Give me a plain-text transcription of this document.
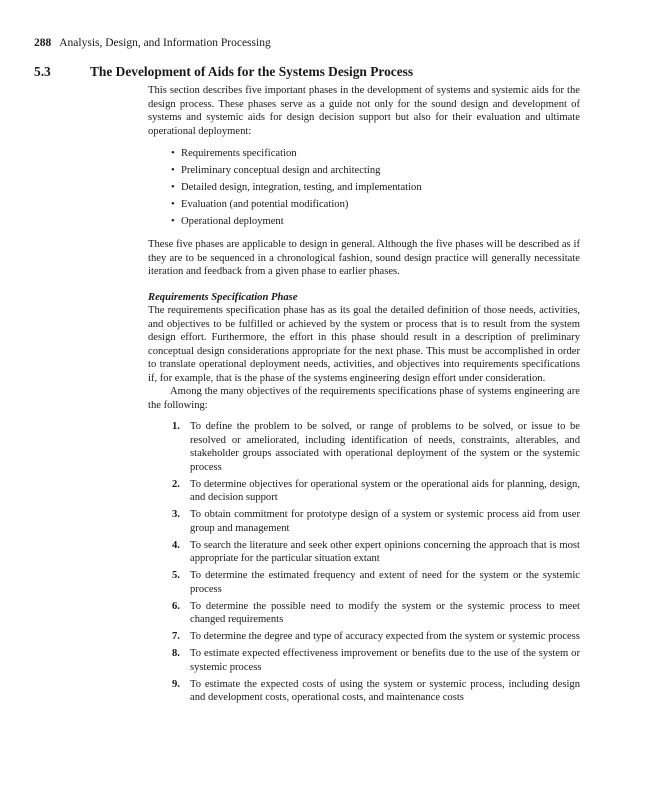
288 Analysis, Design, and Information Processing
5.3	The Development of Aids for the Systems Design Process

This section describes five important phases in the development of systems and systemic aids for the design process. These phases serve as a guide not only for the sound design and development of systems and systemic aids for design decision support but also for their evaluation and ultimate operational deployment:

• Requirements specification
• Preliminary conceptual design and architecting
• Detailed design, integration, testing, and implementation
• Evaluation (and potential modification)
• Operational deployment

These five phases are applicable to design in general. Although the five phases will be described as if they are to be sequenced in a chronological fashion, sound design practice will generally necessitate iteration and feedback from a given phase to earlier phases.

Requirements Specification Phase

The requirements specification phase has as its goal the detailed definition of those needs, activities, and objectives to be fulfilled or achieved by the system or process that is to result from the system design effort. Furthermore, the effort in this phase should result in a description of preliminary conceptual design considerations appropriate for the next phase. This must be accomplished in order to translate operational deployment needs, activities, and objectives into requirements specifications if, for example, that is the phase of the systems engineering design effort under consideration.

Among the many objectives of the requirements specifications phase of systems engineering are the following:

1. To define the problem to be solved, or range of problems to be solved, or issue to be resolved or ameliorated, including identification of needs, constraints, alterables, and stakeholder groups associated with operational deployment of the system or the systemic process
2. To determine objectives for operational system or the operational aids for planning, design, and decision support
3. To obtain commitment for prototype design of a system or systemic process aid from user group and management
4. To search the literature and seek other expert opinions concerning the approach that is most appropriate for the particular situation extant
5. To determine the estimated frequency and extent of need for the system or the systemic process
6. To determine the possible need to modify the system or the systemic process to meet changed requirements
7. To determine the degree and type of accuracy expected from the system or systemic process
8. To estimate expected effectiveness improvement or benefits due to the use of the system or systemic process
9. To estimate the expected costs of using the system or systemic process, including design and development costs, operational costs, and maintenance costs
